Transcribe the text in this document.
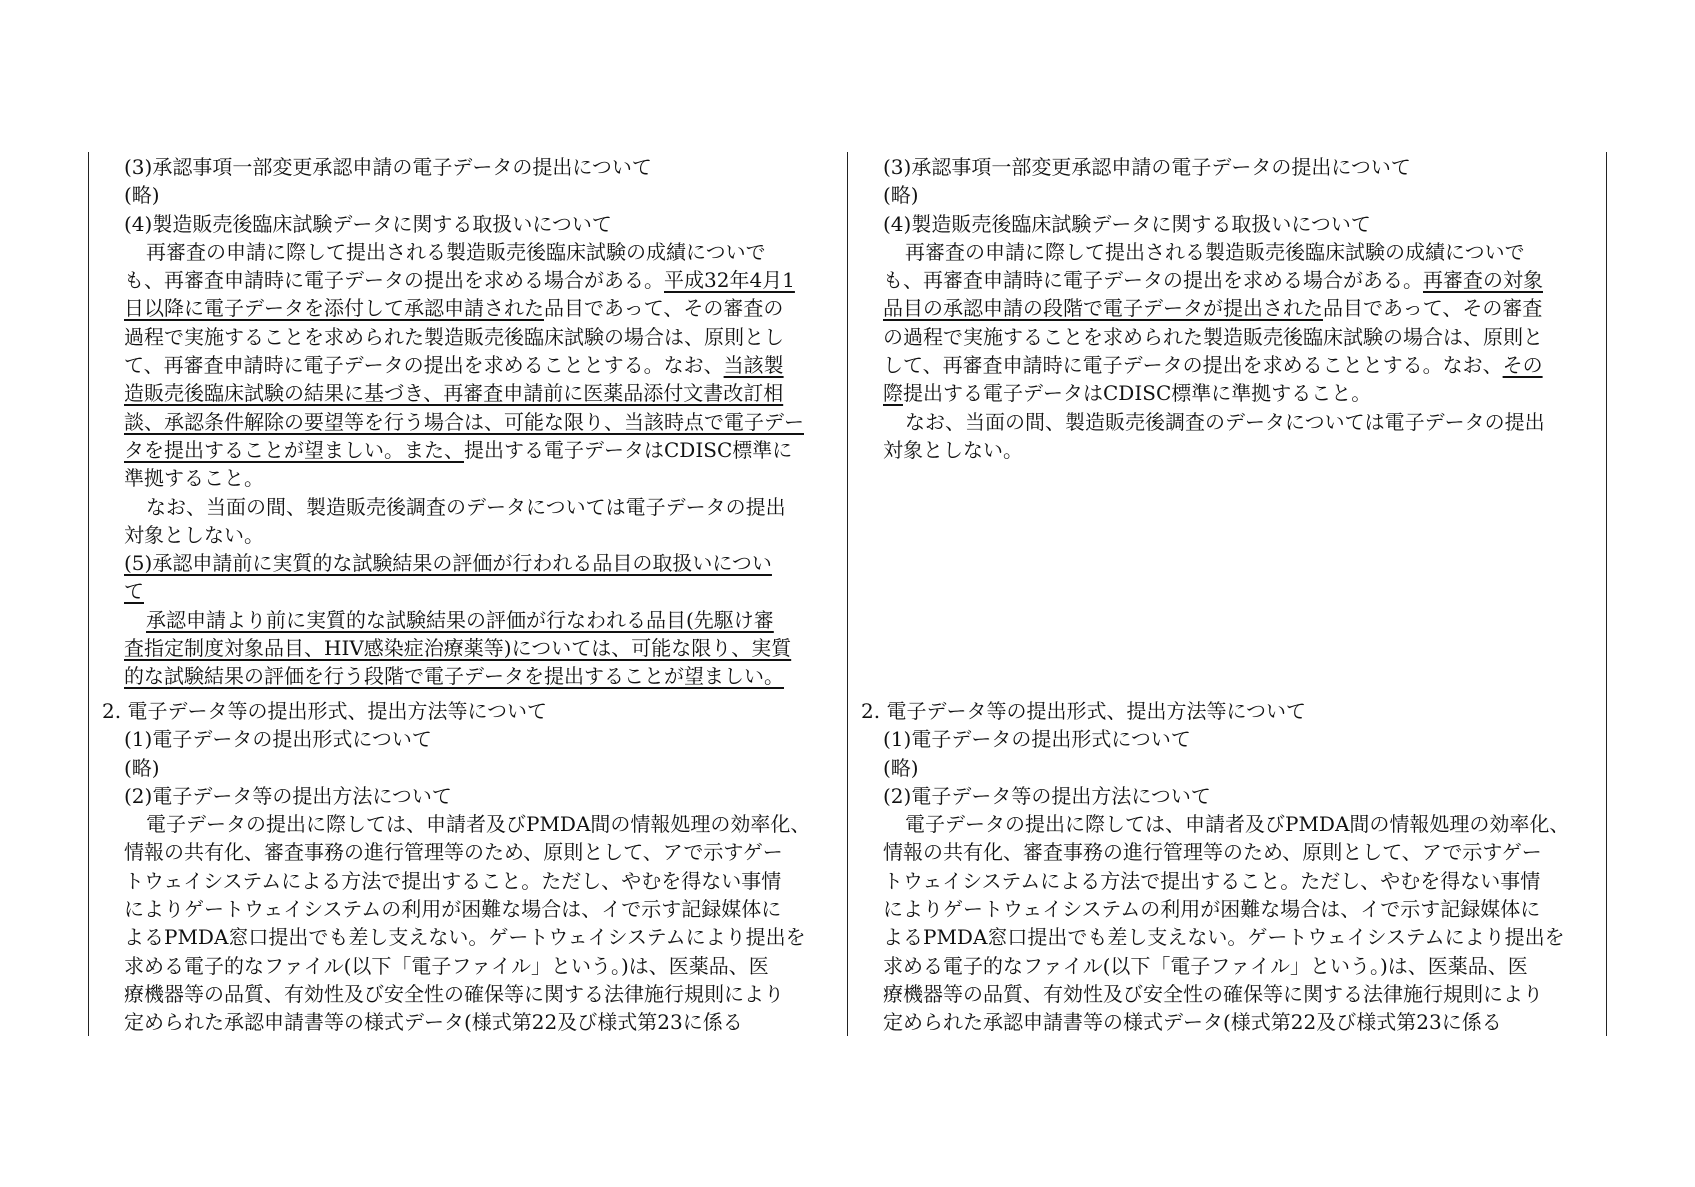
(3)承認事項一部変更承認申請の電子データの提出について
(略)
(4)製造販売後臨床試験データに関する取扱いについて
再審査の申請に際して提出される製造販売後臨床試験の成績についで
も、再審査申請時に電子データの提出を求める場合がある。平成32年4月1
日以降に電子データを添付して承認申請された品目であって、その審査の
過程で実施することを求められた製造販売後臨床試験の場合は、原則とし
て、再審査申請時に電子データの提出を求めることとする。なお、当該製
造販売後臨床試験の結果に基づき、再審査申請前に医薬品添付文書改訂相
談、承認条件解除の要望等を行う場合は、可能な限り、当該時点で電子デー
タを提出することが望ましい。また、提出する電子データはCDISC標準に
準拠すること。
なお、当面の間、製造販売後調査のデータについては電子データの提出
対象としない。
(5)承認申請前に実質的な試験結果の評価が行われる品目の取扱いについ
て
承認申請より前に実質的な試験結果の評価が行なわれる品目(先駆け審
査指定制度対象品目、HIV感染症治療薬等)については、可能な限り、実質
的な試験結果の評価を行う段階で電子データを提出することが望ましい。
2. 電子データ等の提出形式、提出方法等について
(1)電子データの提出形式について
(略)
(2)電子データ等の提出方法について
電子データの提出に際しては、申請者及びPMDA間の情報処理の効率化、
情報の共有化、審査事務の進行管理等のため、原則として、アで示すゲー
トウェイシステムによる方法で提出すること。ただし、やむを得ない事情
によりゲートウェイシステムの利用が困難な場合は、イで示す記録媒体に
よるPMDA窓口提出でも差し支えない。ゲートウェイシステムにより提出を
求める電子的なファイル(以下「電子ファイル」という。)は、医薬品、医
療機器等の品質、有効性及び安全性の確保等に関する法律施行規則により
定められた承認申請書等の様式データ(様式第22及び様式第23に係る
(3)承認事項一部変更承認申請の電子データの提出について
(略)
(4)製造販売後臨床試験データに関する取扱いについて
再審査の申請に際して提出される製造販売後臨床試験の成績についで
も、再審査申請時に電子データの提出を求める場合がある。再審査の対象
品目の承認申請の段階で電子データが提出された品目であって、その審査
の過程で実施することを求められた製造販売後臨床試験の場合は、原則と
して、再審査申請時に電子データの提出を求めることとする。なお、その
際提出する電子データはCDISC標準に準拠すること。
なお、当面の間、製造販売後調査のデータについては電子データの提出
対象としない。
2. 電子データ等の提出形式、提出方法等について
(1)電子データの提出形式について
(略)
(2)電子データ等の提出方法について
電子データの提出に際しては、申請者及びPMDA間の情報処理の効率化、
情報の共有化、審査事務の進行管理等のため、原則として、アで示すゲー
トウェイシステムによる方法で提出すること。ただし、やむを得ない事情
によりゲートウェイシステムの利用が困難な場合は、イで示す記録媒体に
よるPMDA窓口提出でも差し支えない。ゲートウェイシステムにより提出を
求める電子的なファイル(以下「電子ファイル」という。)は、医薬品、医
療機器等の品質、有効性及び安全性の確保等に関する法律施行規則により
定められた承認申請書等の様式データ(様式第22及び様式第23に係る
